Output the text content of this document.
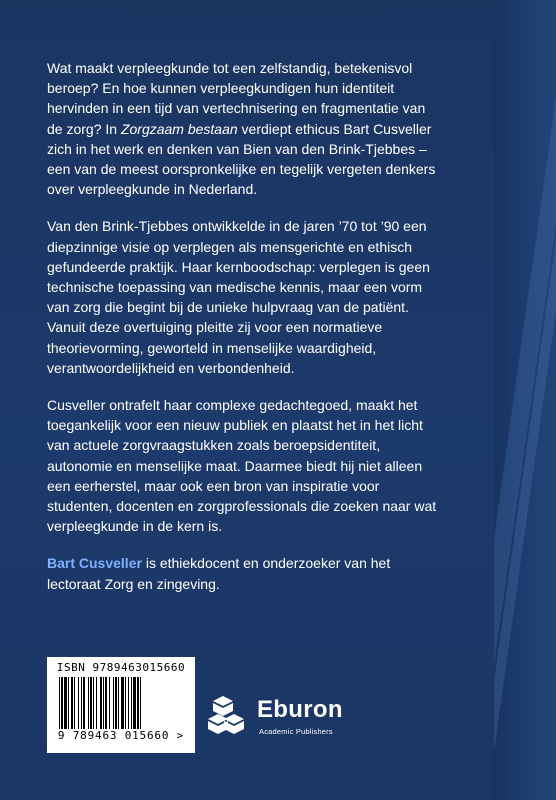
Wat maakt verpleegkunde tot een zelfstandig, betekenisvol beroep? En hoe kunnen verpleegkundigen hun identiteit hervinden in een tijd van vertechnisering en fragmentatie van de zorg? In Zorgzaam bestaan verdiept ethicus Bart Cusveller zich in het werk en denken van Bien van den Brink-Tjebbes – een van de meest oorspronkelijke en tegelijk vergeten denkers over verpleegkunde in Nederland.

Van den Brink-Tjebbes ontwikkelde in de jaren ’70 tot ’90 een diepzinnige visie op verplegen als mensgerichte en ethisch gefundeerde praktijk. Haar kernboodschap: verplegen is geen technische toepassing van medische kennis, maar een vorm van zorg die begint bij de unieke hulpvraag van de patiënt. Vanuit deze overtuiging pleitte zij voor een normatieve theorievorming, geworteld in menselijke waardigheid, verantwoordelijkheid en verbondenheid.

Cusveller ontrafelt haar complexe gedachtegoed, maakt het toegankelijk voor een nieuw publiek en plaatst het in het licht van actuele zorgvraagstukken zoals beroepsidentiteit, autonomie en menselijke maat. Daarmee biedt hij niet alleen een eerherstel, maar ook een bron van inspiratie voor studenten, docenten en zorgprofessionals die zoeken naar wat verpleegkunde in de kern is.

Bart Cusveller is ethiekdocent en onderzoeker van het lectoraat Zorg en zingeving.

ISBN 9789463015660
9 789463 015660 >
Eburon
Academic Publishers
